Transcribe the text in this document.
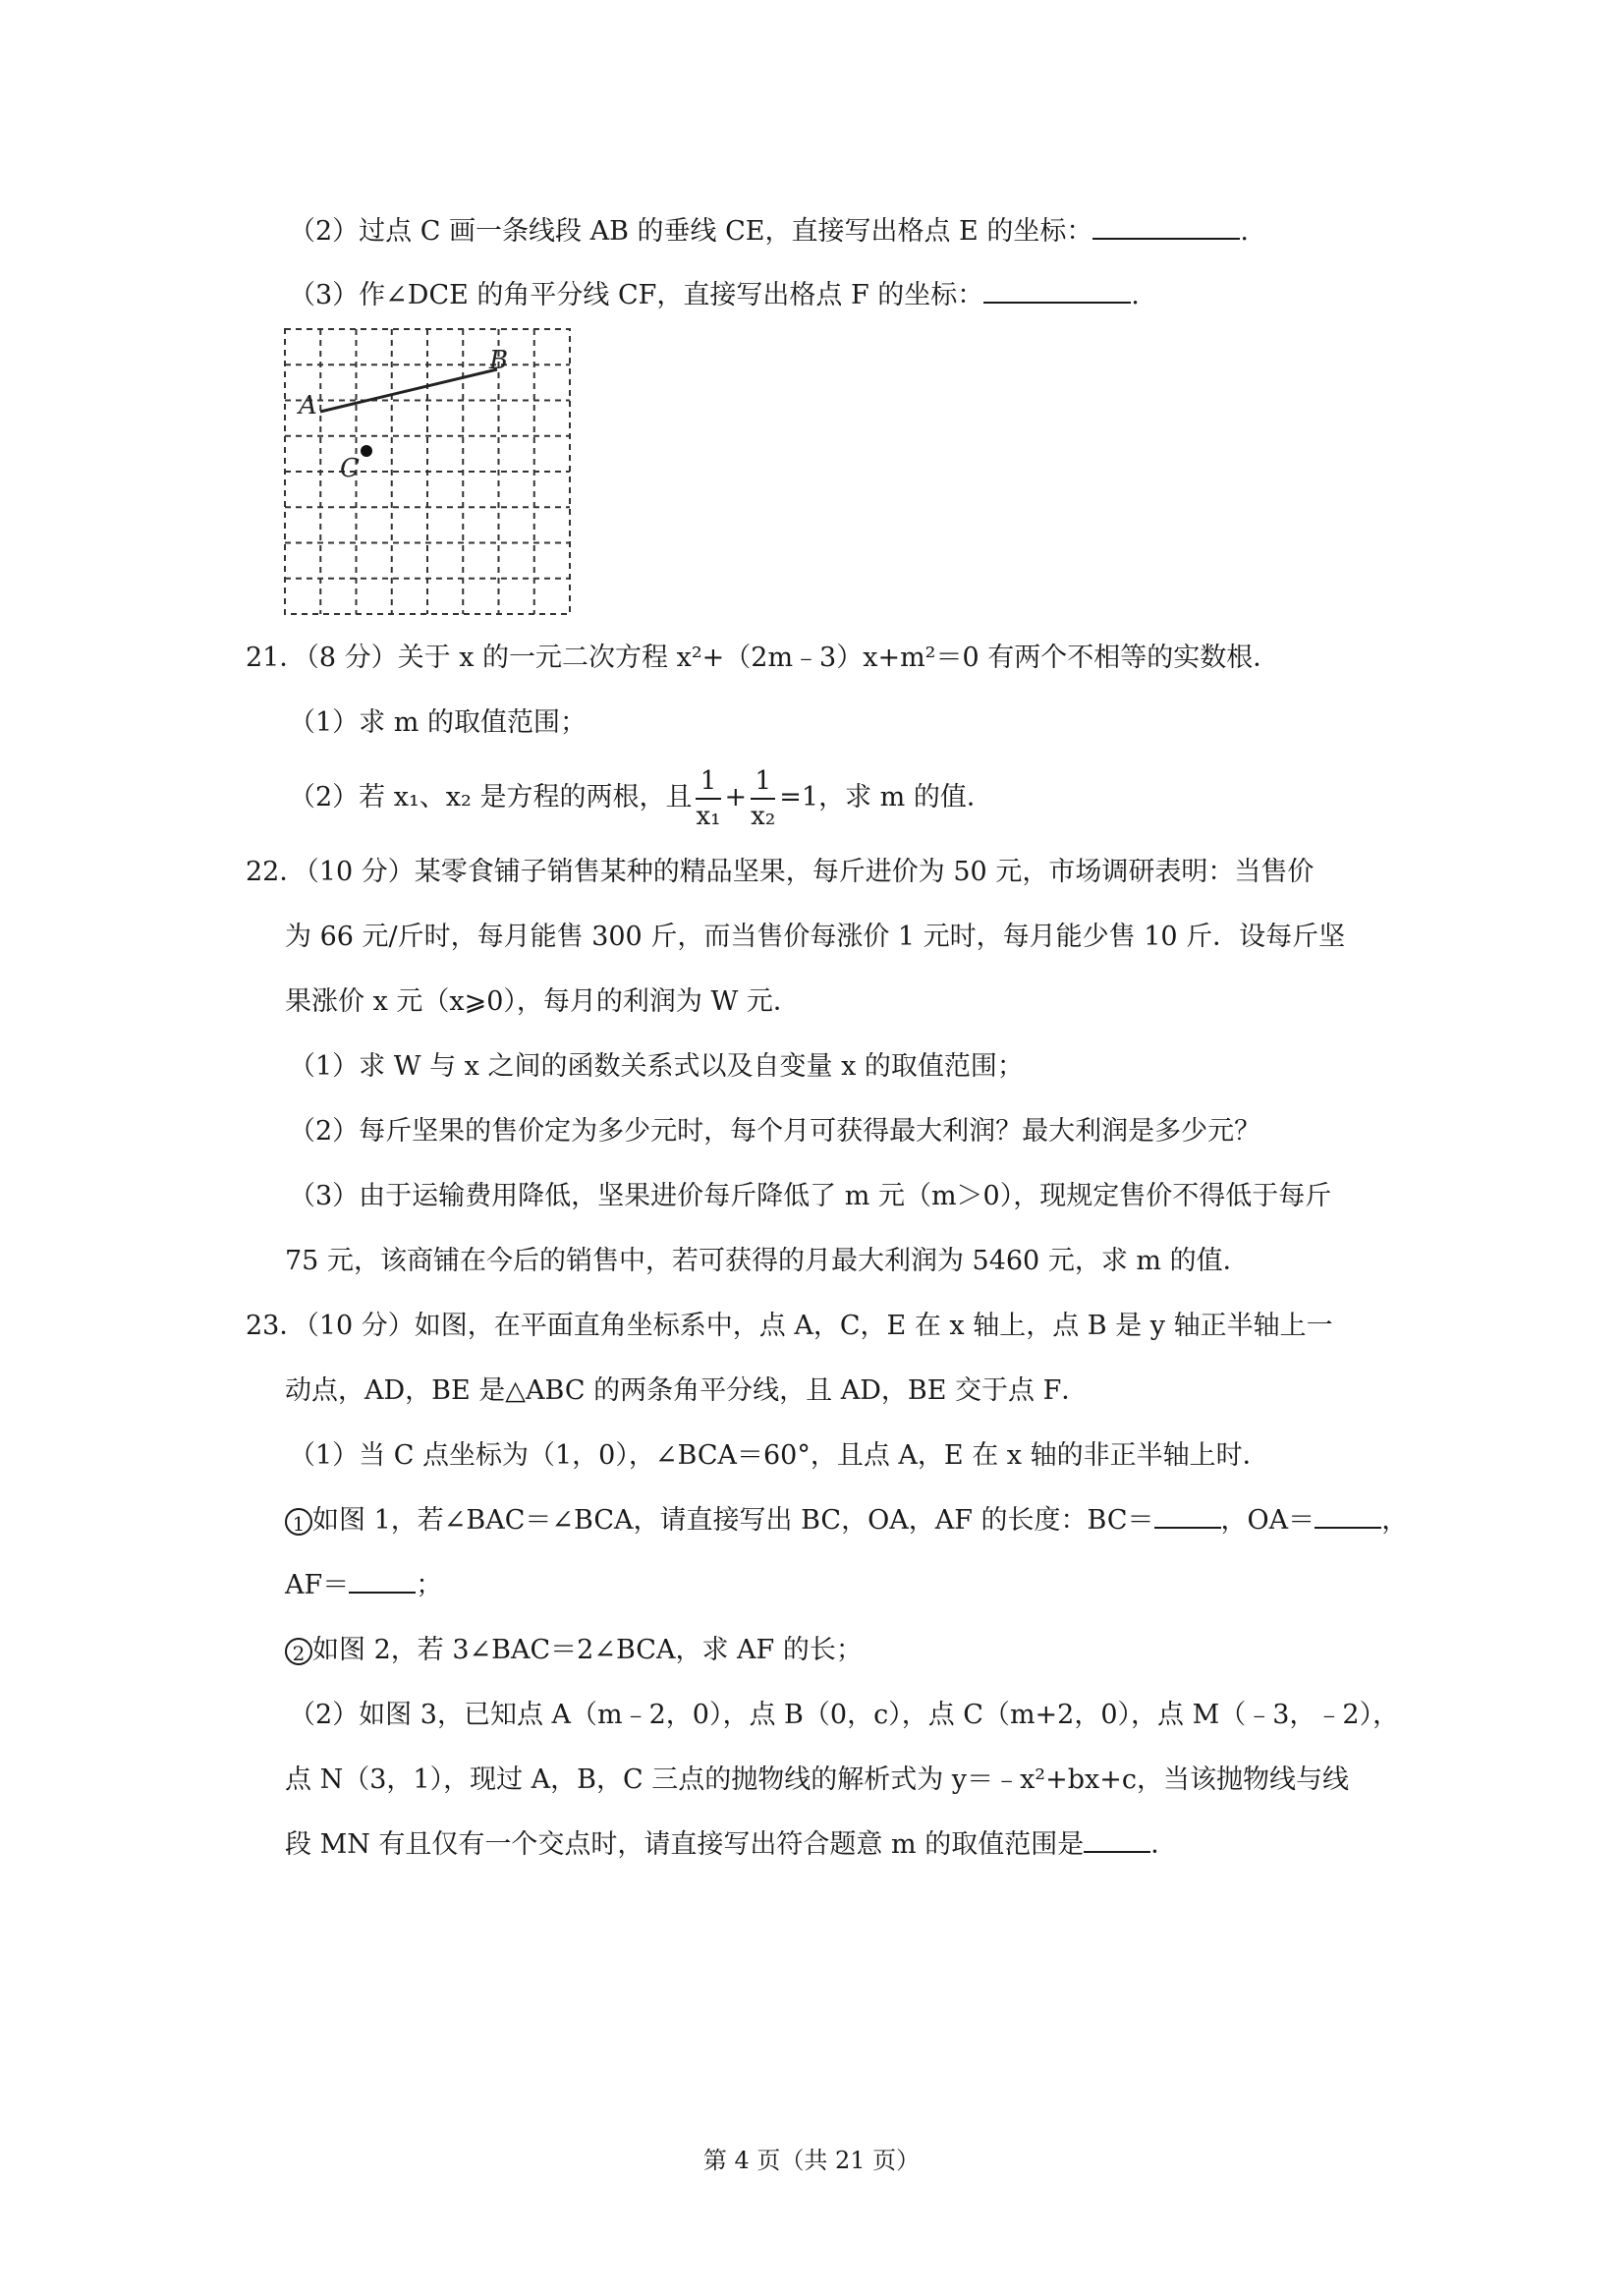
（2）过点 C 画一条线段 AB 的垂线 CE，直接写出格点 E 的坐标：	.
（3）作∠DCE 的角平分线 CF，直接写出格点 F 的坐标：	.
A
B
C
21．（8 分）关于 x 的一元二次方程 x²+（2m﹣3）x+m²＝0 有两个不相等的实数根．
（1）求 m 的取值范围；
（2）若 x₁、x₂ 是方程的两根，且 $\frac{1}{\text{x₁}} + \frac{1}{\text{x₂}} =1$，求 m 的值．
22．（10 分）某零食铺子销售某种的精品坚果，每斤进价为 50 元，市场调研表明：当售价
为 66 元/斤时，每月能售 300 斤，而当售价每涨价 1 元时，每月能少售 10 斤．设每斤坚
果涨价 x 元（x⩾0），每月的利润为 W 元．
（1）求 W 与 x 之间的函数关系式以及自变量 x 的取值范围；
（2）每斤坚果的售价定为多少元时，每个月可获得最大利润？最大利润是多少元？
（3）由于运输费用降低，坚果进价每斤降低了 m 元（m＞0），现规定售价不得低于每斤
75 元，该商铺在今后的销售中，若可获得的月最大利润为 5460 元，求 m 的值．
23．（10 分）如图，在平面直角坐标系中，点 A，C，E 在 x 轴上，点 B 是 y 轴正半轴上一
动点，AD，BE 是△ABC 的两条角平分线，且 AD，BE 交于点 F．
（1）当 C 点坐标为（1，0），∠BCA＝60°，且点 A，E 在 x 轴的非正半轴上时．
1 如图 1，若∠BAC＝∠BCA，请直接写出 BC，OA，AF 的长度：BC＝	，OA＝	，
AF＝	；
2 如图 2，若 3∠BAC＝2∠BCA，求 AF 的长；
（2）如图 3，已知点 A（m﹣2，0），点 B（0，c），点 C（m+2，0），点 M（﹣3，﹣2），
点 N（3，1），现过 A，B，C 三点的抛物线的解析式为 y＝﹣x²+bx+c，当该抛物线与线
段 MN 有且仅有一个交点时，请直接写出符合题意 m 的取值范围是	．
第 4 页（共 21 页）
